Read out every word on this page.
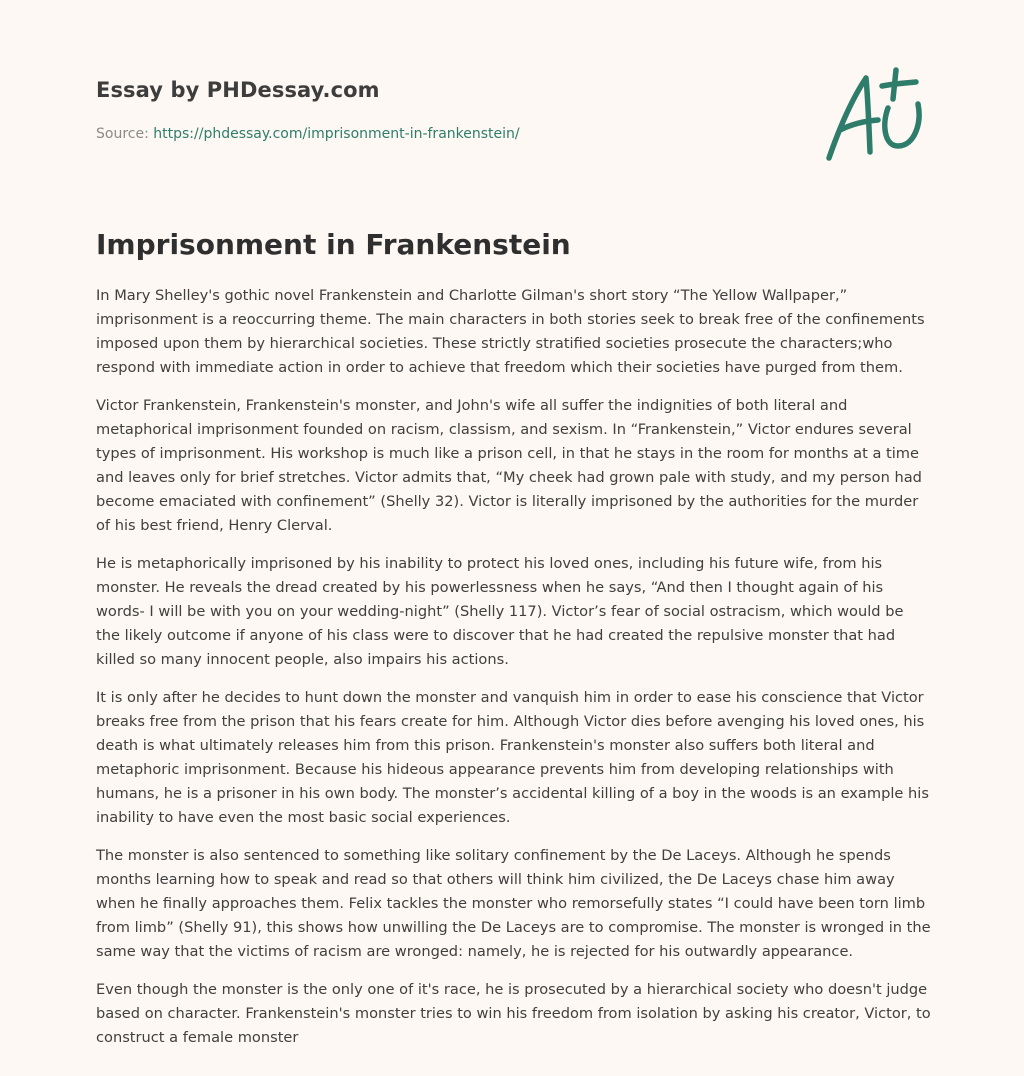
Essay by PHDessay.com
Source: https://phdessay.com/imprisonment-in-frankenstein/
Imprisonment in Frankenstein

In Mary Shelley's gothic novel Frankenstein and Charlotte Gilman's short story “The Yellow Wallpaper,” imprisonment is a reoccurring theme. The main characters in both stories seek to break free of the confinements imposed upon them by hierarchical societies. These strictly stratified societies prosecute the characters;who respond with immediate action in order to achieve that freedom which their societies have purged from them.

Victor Frankenstein, Frankenstein's monster, and John's wife all suffer the indignities of both literal and metaphorical imprisonment founded on racism, classism, and sexism. In “Frankenstein,” Victor endures several types of imprisonment. His workshop is much like a prison cell, in that he stays in the room for months at a time and leaves only for brief stretches. Victor admits that, “My cheek had grown pale with study, and my person had become emaciated with confinement” (Shelly 32). Victor is literally imprisoned by the authorities for the murder of his best friend, Henry Clerval.

He is metaphorically imprisoned by his inability to protect his loved ones, including his future wife, from his monster. He reveals the dread created by his powerlessness when he says, “And then I thought again of his words- I will be with you on your wedding-night” (Shelly 117). Victor’s fear of social ostracism, which would be the likely outcome if anyone of his class were to discover that he had created the repulsive monster that had killed so many innocent people, also impairs his actions.

It is only after he decides to hunt down the monster and vanquish him in order to ease his conscience that Victor breaks free from the prison that his fears create for him. Although Victor dies before avenging his loved ones, his death is what ultimately releases him from this prison. Frankenstein's monster also suffers both literal and metaphoric imprisonment. Because his hideous appearance prevents him from developing relationships with humans, he is a prisoner in his own body. The monster’s accidental killing of a boy in the woods is an example his inability to have even the most basic social experiences.

The monster is also sentenced to something like solitary confinement by the De Laceys. Although he spends months learning how to speak and read so that others will think him civilized, the De Laceys chase him away when he finally approaches them. Felix tackles the monster who remorsefully states “I could have been torn limb from limb” (Shelly 91), this shows how unwilling the De Laceys are to compromise. The monster is wronged in the same way that the victims of racism are wronged: namely, he is rejected for his outwardly appearance.

Even though the monster is the only one of it's race, he is prosecuted by a hierarchical society who doesn't judge based on character. Frankenstein's monster tries to win his freedom from isolation by asking his creator, Victor, to construct a female monster
